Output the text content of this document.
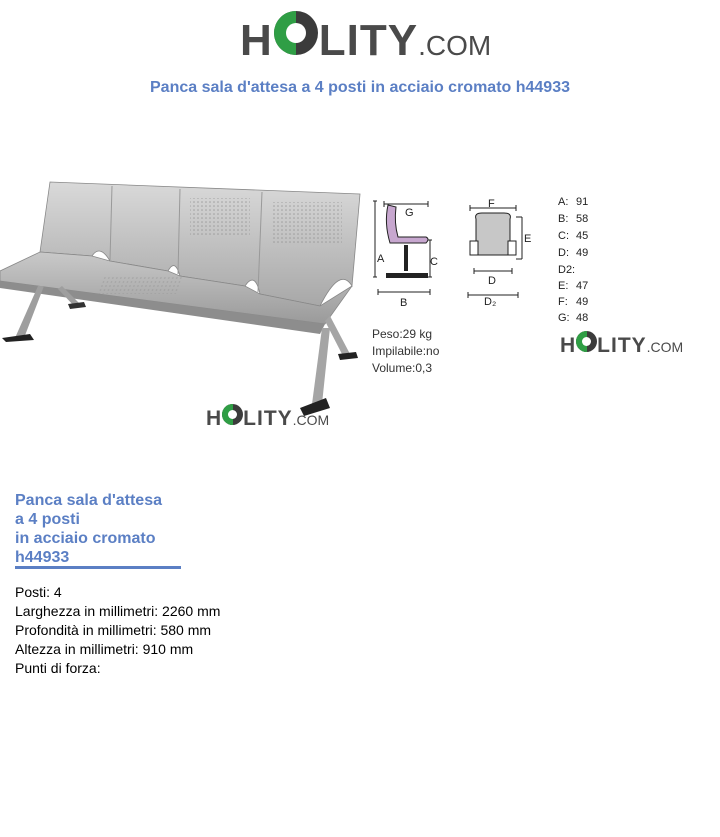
H LITY .COM
Panca sala d'attesa a 4 posti in acciaio cromato h44933
H LITY .COM
G
A	C
B
F
E
D
D₂
Peso:29 kg
Impilabile:no
Volume:0,3
A: 91
B: 58
C: 45
D: 49
D2:
E: 47
F: 49
G: 48
H LITY .COM
Panca sala d'attesa
a 4 posti
in acciaio cromato
h44933
Posti: 4
Larghezza in millimetri: 2260 mm
Profondità in millimetri: 580 mm
Altezza in millimetri: 910 mm
Punti di forza:
